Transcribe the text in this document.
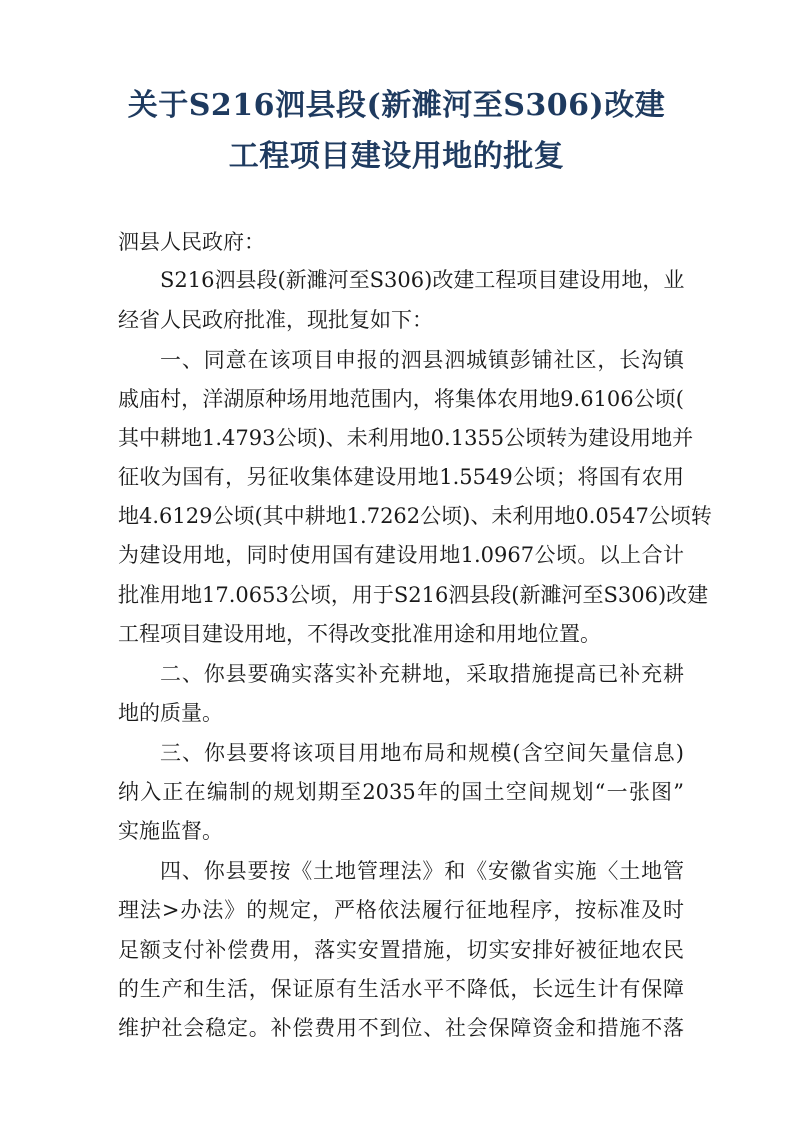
关于S216泗县段(新濉河至S306)改建
工程项目建设用地的批复
泗县人民政府：
S216泗县段(新濉河至S306)改建工程项目建设用地，业
经省人民政府批准，现批复如下：
一、同意在该项目申报的泗县泗城镇彭铺社区，长沟镇
戚庙村，洋湖原种场用地范围内，将集体农用地9.6106公顷(
其中耕地1.4793公顷)、未利用地0.1355公顷转为建设用地并
征收为国有，另征收集体建设用地1.5549公顷；将国有农用
地4.6129公顷(其中耕地1.7262公顷)、未利用地0.0547公顷转
为建设用地，同时使用国有建设用地1.0967公顷。以上合计
批准用地17.0653公顷，用于S216泗县段(新濉河至S306)改建
工程项目建设用地，不得改变批准用途和用地位置。
二、你县要确实落实补充耕地，采取措施提高已补充耕
地的质量。
三、你县要将该项目用地布局和规模(含空间矢量信息)
纳入正在编制的规划期至2035年的国土空间规划“一张图”
实施监督。
四、你县要按《土地管理法》和《安徽省实施〈土地管
理法>办法》的规定，严格依法履行征地程序，按标准及时
足额支付补偿费用，落实安置措施，切实安排好被征地农民
的生产和生活，保证原有生活水平不降低，长远生计有保障
维护社会稳定。补偿费用不到位、社会保障资金和措施不落
